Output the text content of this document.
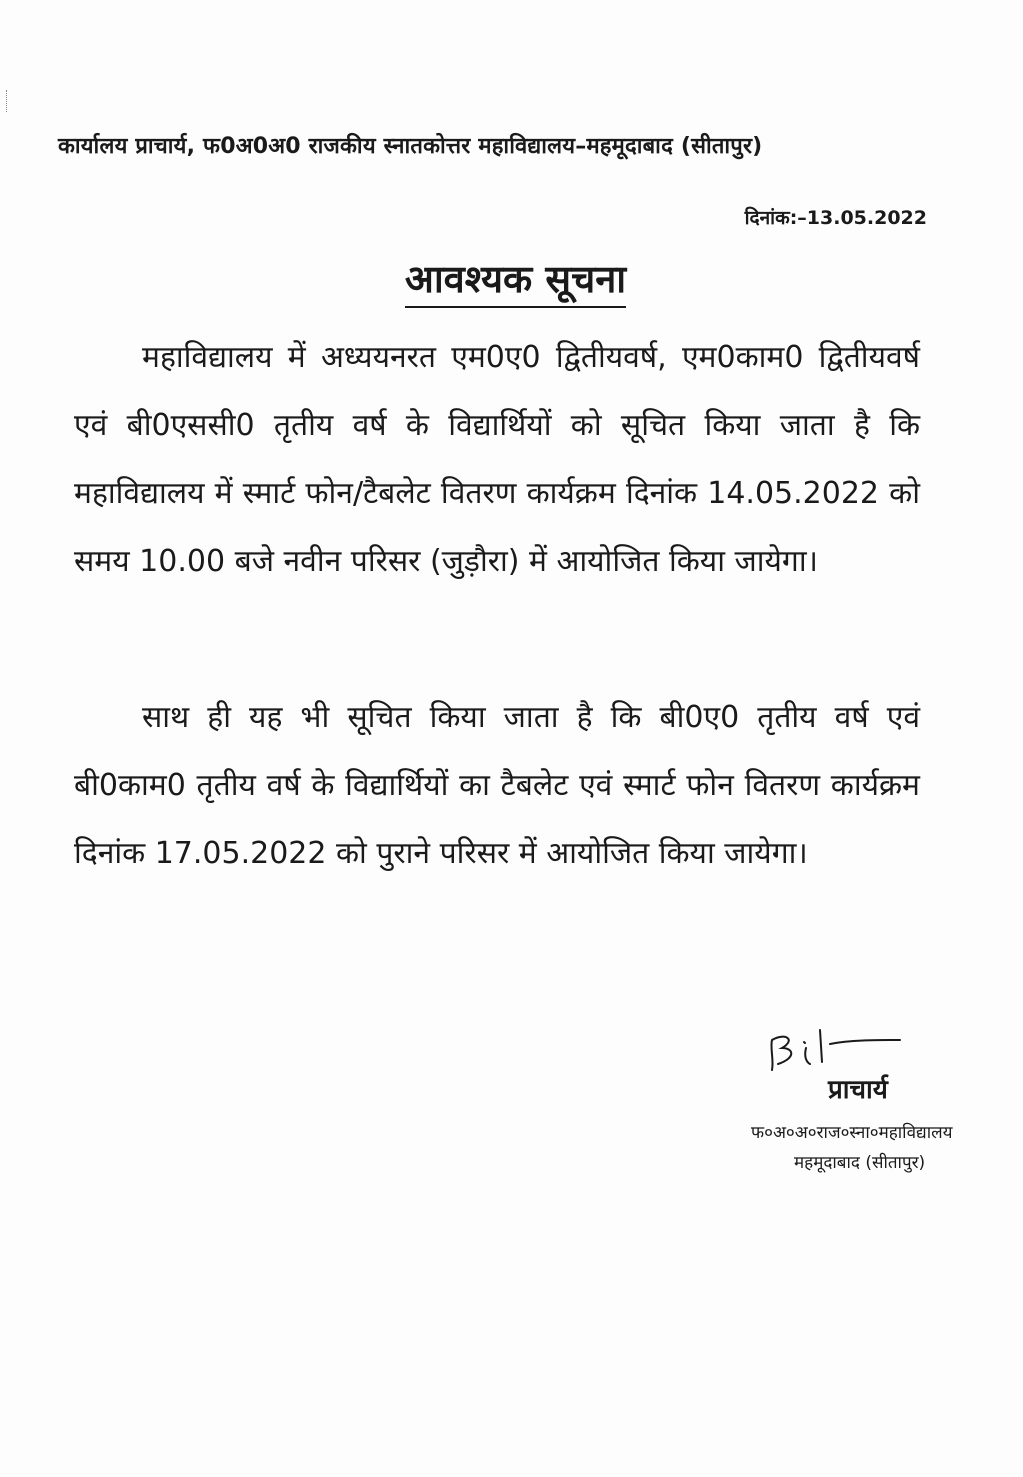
कार्यालय प्राचार्य, फ0अ0अ0 राजकीय स्नातकोत्तर महाविद्यालय–महमूदाबाद (सीतापुर)
दिनांक:–13.05.2022
आवश्यक सूचना
महाविद्यालय में अध्ययनरत एम0ए0 द्वितीयवर्ष, एम0काम0 द्वितीयवर्ष एवं बी0एससी0 तृतीय वर्ष के विद्यार्थियों को सूचित किया जाता है कि महाविद्यालय में स्मार्ट फोन/टैबलेट वितरण कार्यक्रम दिनांक 14.05.2022 को समय 10.00 बजे नवीन परिसर (जुड़ौरा) में आयोजित किया जायेगा।
साथ ही यह भी सूचित किया जाता है कि बी0ए0 तृतीय वर्ष एवं बी0काम0 तृतीय वर्ष के विद्यार्थियों का टैबलेट एवं स्मार्ट फोन वितरण कार्यक्रम दिनांक 17.05.2022 को पुराने परिसर में आयोजित किया जायेगा।
प्राचार्य
फ०अ०अ०राज०स्ना०महाविद्यालय
महमूदाबाद (सीतापुर)
